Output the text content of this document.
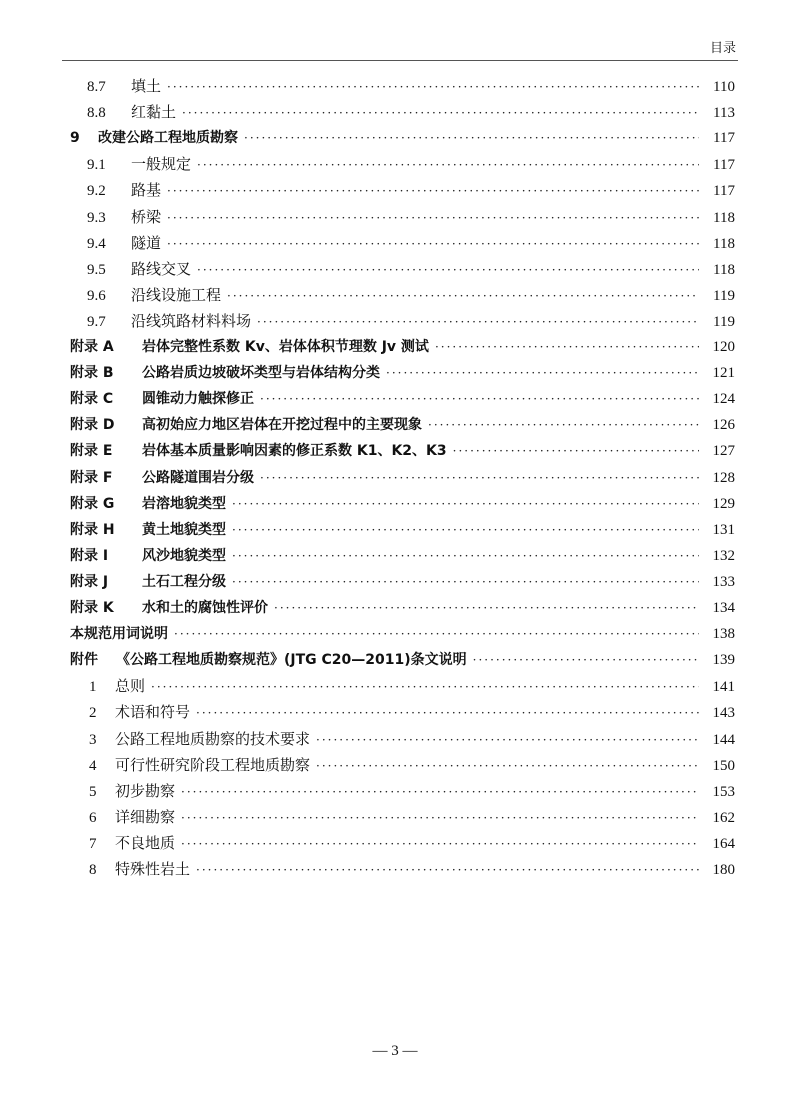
目录
8.7	填土 ·····	110
8.8	红黏土 ·····	113
9	改建公路工程地质勘察 ·····	117
9.1	一般规定 ·····	117
9.2	路基 ·····	117
9.3	桥梁 ·····	118
9.4	隧道 ·····	118
9.5	路线交叉 ·····	118
9.6	沿线设施工程 ·····	119
9.7	沿线筑路材料料场 ·····	119
附录 A	岩体完整性系数 Kv、岩体体积节理数 Jv 测试 ·····	120
附录 B	公路岩质边坡破坏类型与岩体结构分类 ·····	121
附录 C	圆锥动力触探修正 ·····	124
附录 D	高初始应力地区岩体在开挖过程中的主要现象 ·····	126
附录 E	岩体基本质量影响因素的修正系数 K1、K2、K3 ·····	127
附录 F	公路隧道围岩分级 ·····	128
附录 G	岩溶地貌类型 ·····	129
附录 H	黄土地貌类型 ·····	131
附录 I	风沙地貌类型 ·····	132
附录 J	土石工程分级 ·····	133
附录 K	水和土的腐蚀性评价 ·····	134
本规范用词说明 ·····	138
附件	《公路工程地质勘察规范》(JTG C20—2011)条文说明 ·····	139
1	总则 ·····	141
2	术语和符号 ·····	143
3	公路工程地质勘察的技术要求 ·····	144
4	可行性研究阶段工程地质勘察 ·····	150
5	初步勘察 ·····	153
6	详细勘察 ·····	162
7	不良地质 ·····	164
8	特殊性岩土 ·····	180
— 3 —
